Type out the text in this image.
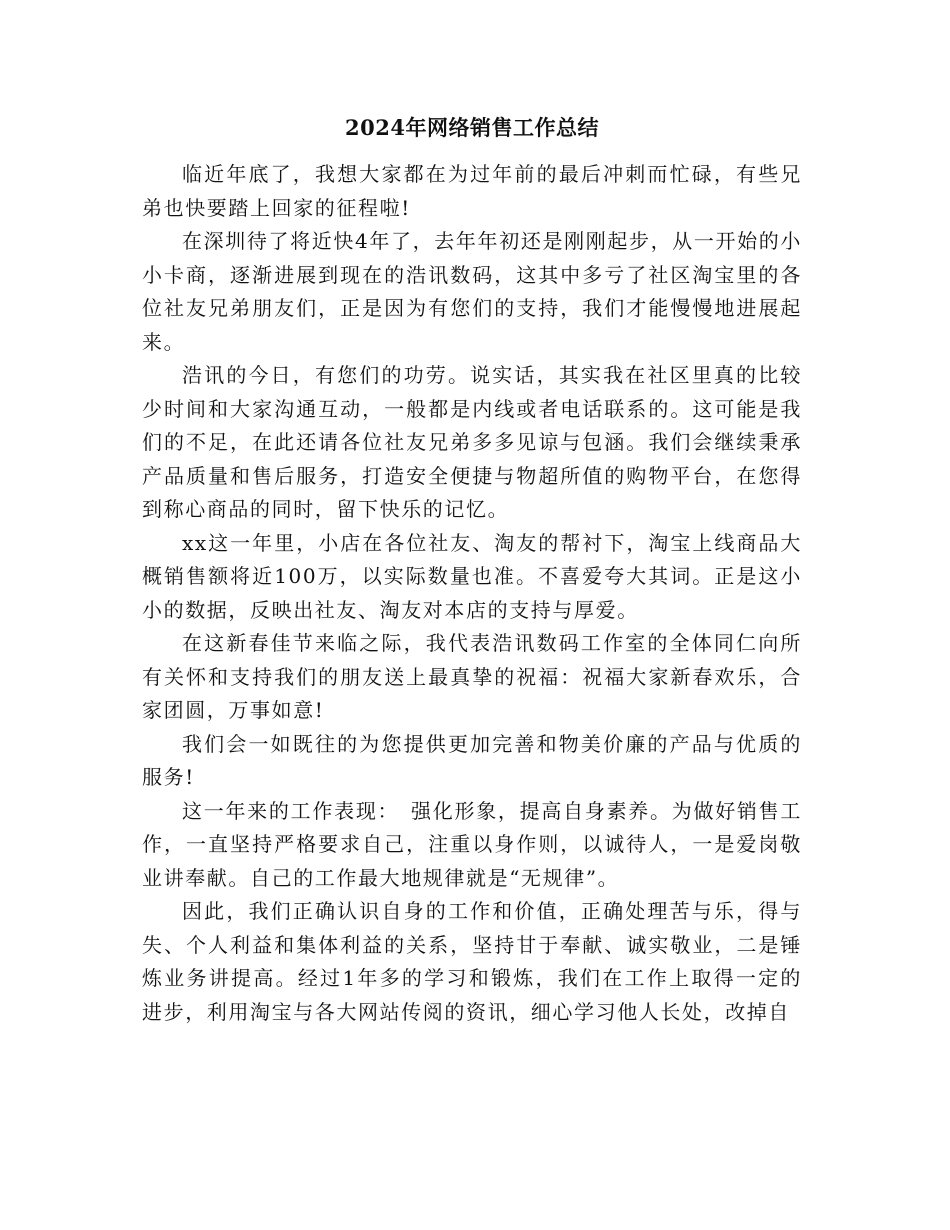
2024年网络销售工作总结

临近年底了，我想大家都在为过年前的最后冲刺而忙碌，有些兄弟也快要踏上回家的征程啦!

在深圳待了将近快4年了，去年年初还是刚刚起步，从一开始的小小卡商，逐渐进展到现在的浩讯数码，这其中多亏了社区淘宝里的各位社友兄弟朋友们，正是因为有您们的支持，我们才能慢慢地进展起来。

浩讯的今日，有您们的功劳。说实话，其实我在社区里真的比较少时间和大家沟通互动，一般都是内线或者电话联系的。这可能是我们的不足，在此还请各位社友兄弟多多见谅与包涵。我们会继续秉承产品质量和售后服务，打造安全便捷与物超所值的购物平台，在您得到称心商品的同时，留下快乐的记忆。

xx这一年里，小店在各位社友、淘友的帮衬下，淘宝上线商品大概销售额将近100万，以实际数量也准。不喜爱夸大其词。正是这小小的数据，反映出社友、淘友对本店的支持与厚爱。

在这新春佳节来临之际，我代表浩讯数码工作室的全体同仁向所有关怀和支持我们的朋友送上最真挚的祝福：祝福大家新春欢乐，合家团圆，万事如意!

我们会一如既往的为您提供更加完善和物美价廉的产品与优质的服务!

这一年来的工作表现：　强化形象，提高自身素养。为做好销售工作，一直坚持严格要求自己，注重以身作则，以诚待人，一是爱岗敬业讲奉献。自己的工作最大地规律就是“无规律”。

因此，我们正确认识自身的工作和价值，正确处理苦与乐，得与失、个人利益和集体利益的关系，坚持甘于奉献、诚实敬业，二是锤炼业务讲提高。经过1年多的学习和锻炼，我们在工作上取得一定的进步，利用淘宝与各大网站传阅的资讯，细心学习他人长处，改掉自
